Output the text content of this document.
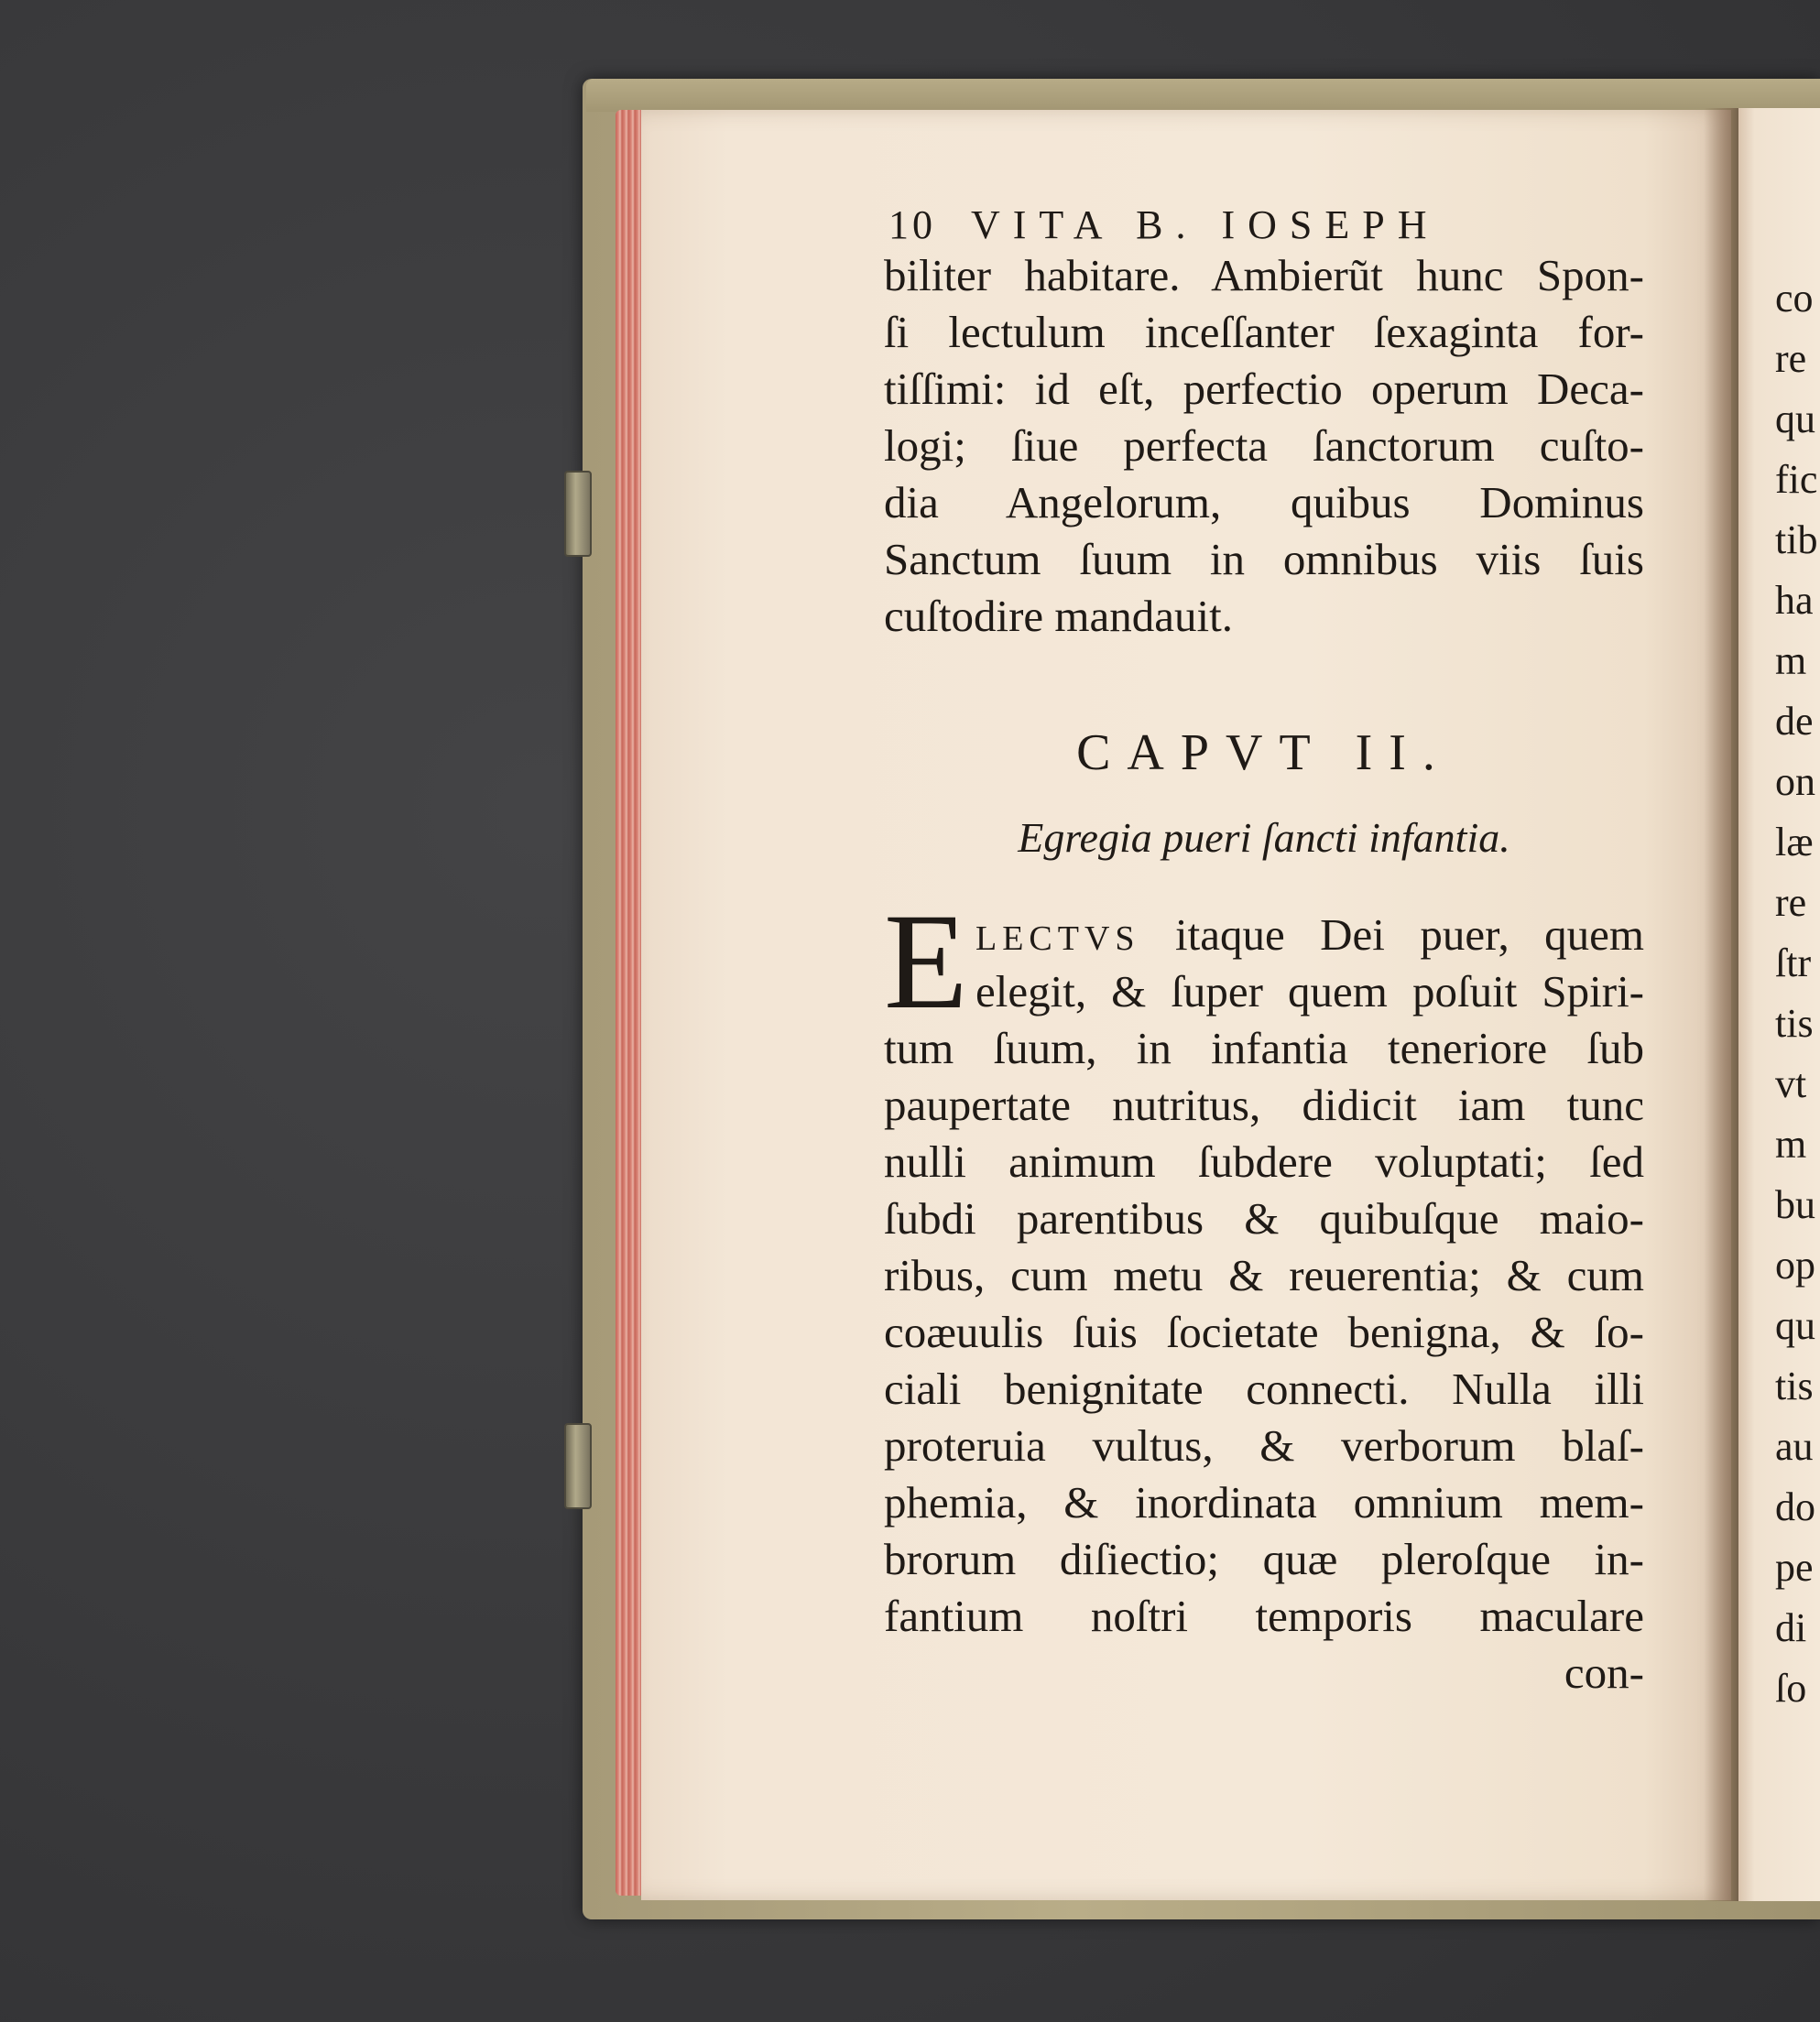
10 VITA B. IOSEPH
biliter habitare. Ambierũt hunc Spon-
ſi lectulum inceſſanter ſexaginta for-
tiſſimi: id eſt, perfectio operum Deca-
logi; ſiue perfecta ſanctorum cuſto-
dia Angelorum, quibus Dominus
Sanctum ſuum in omnibus viis ſuis
cuſtodire mandauit.
CAPVT II.
Egregia pueri ſancti infantia.
E LECTVS itaque Dei puer, quem
elegit, & ſuper quem poſuit Spiri-
tum ſuum, in infantia teneriore ſub
paupertate nutritus, didicit iam tunc
nulli animum ſubdere voluptati; ſed
ſubdi parentibus & quibuſque maio-
ribus, cum metu & reuerentia; & cum
coæuulis ſuis ſocietate benigna, & ſo-
ciali benignitate connecti. Nulla illi
proteruia vultus, & verborum blaſ-
phemia, & inordinata omnium mem-
brorum diſiectio; quæ pleroſque in-
fantium noſtri temporis maculare
con-
co
re
qu
fic
tib
ha
m
de
on
læ
re
ſtr
tis
vt
m
bu
op
qu
tis
au
do
pe
di
ſo
